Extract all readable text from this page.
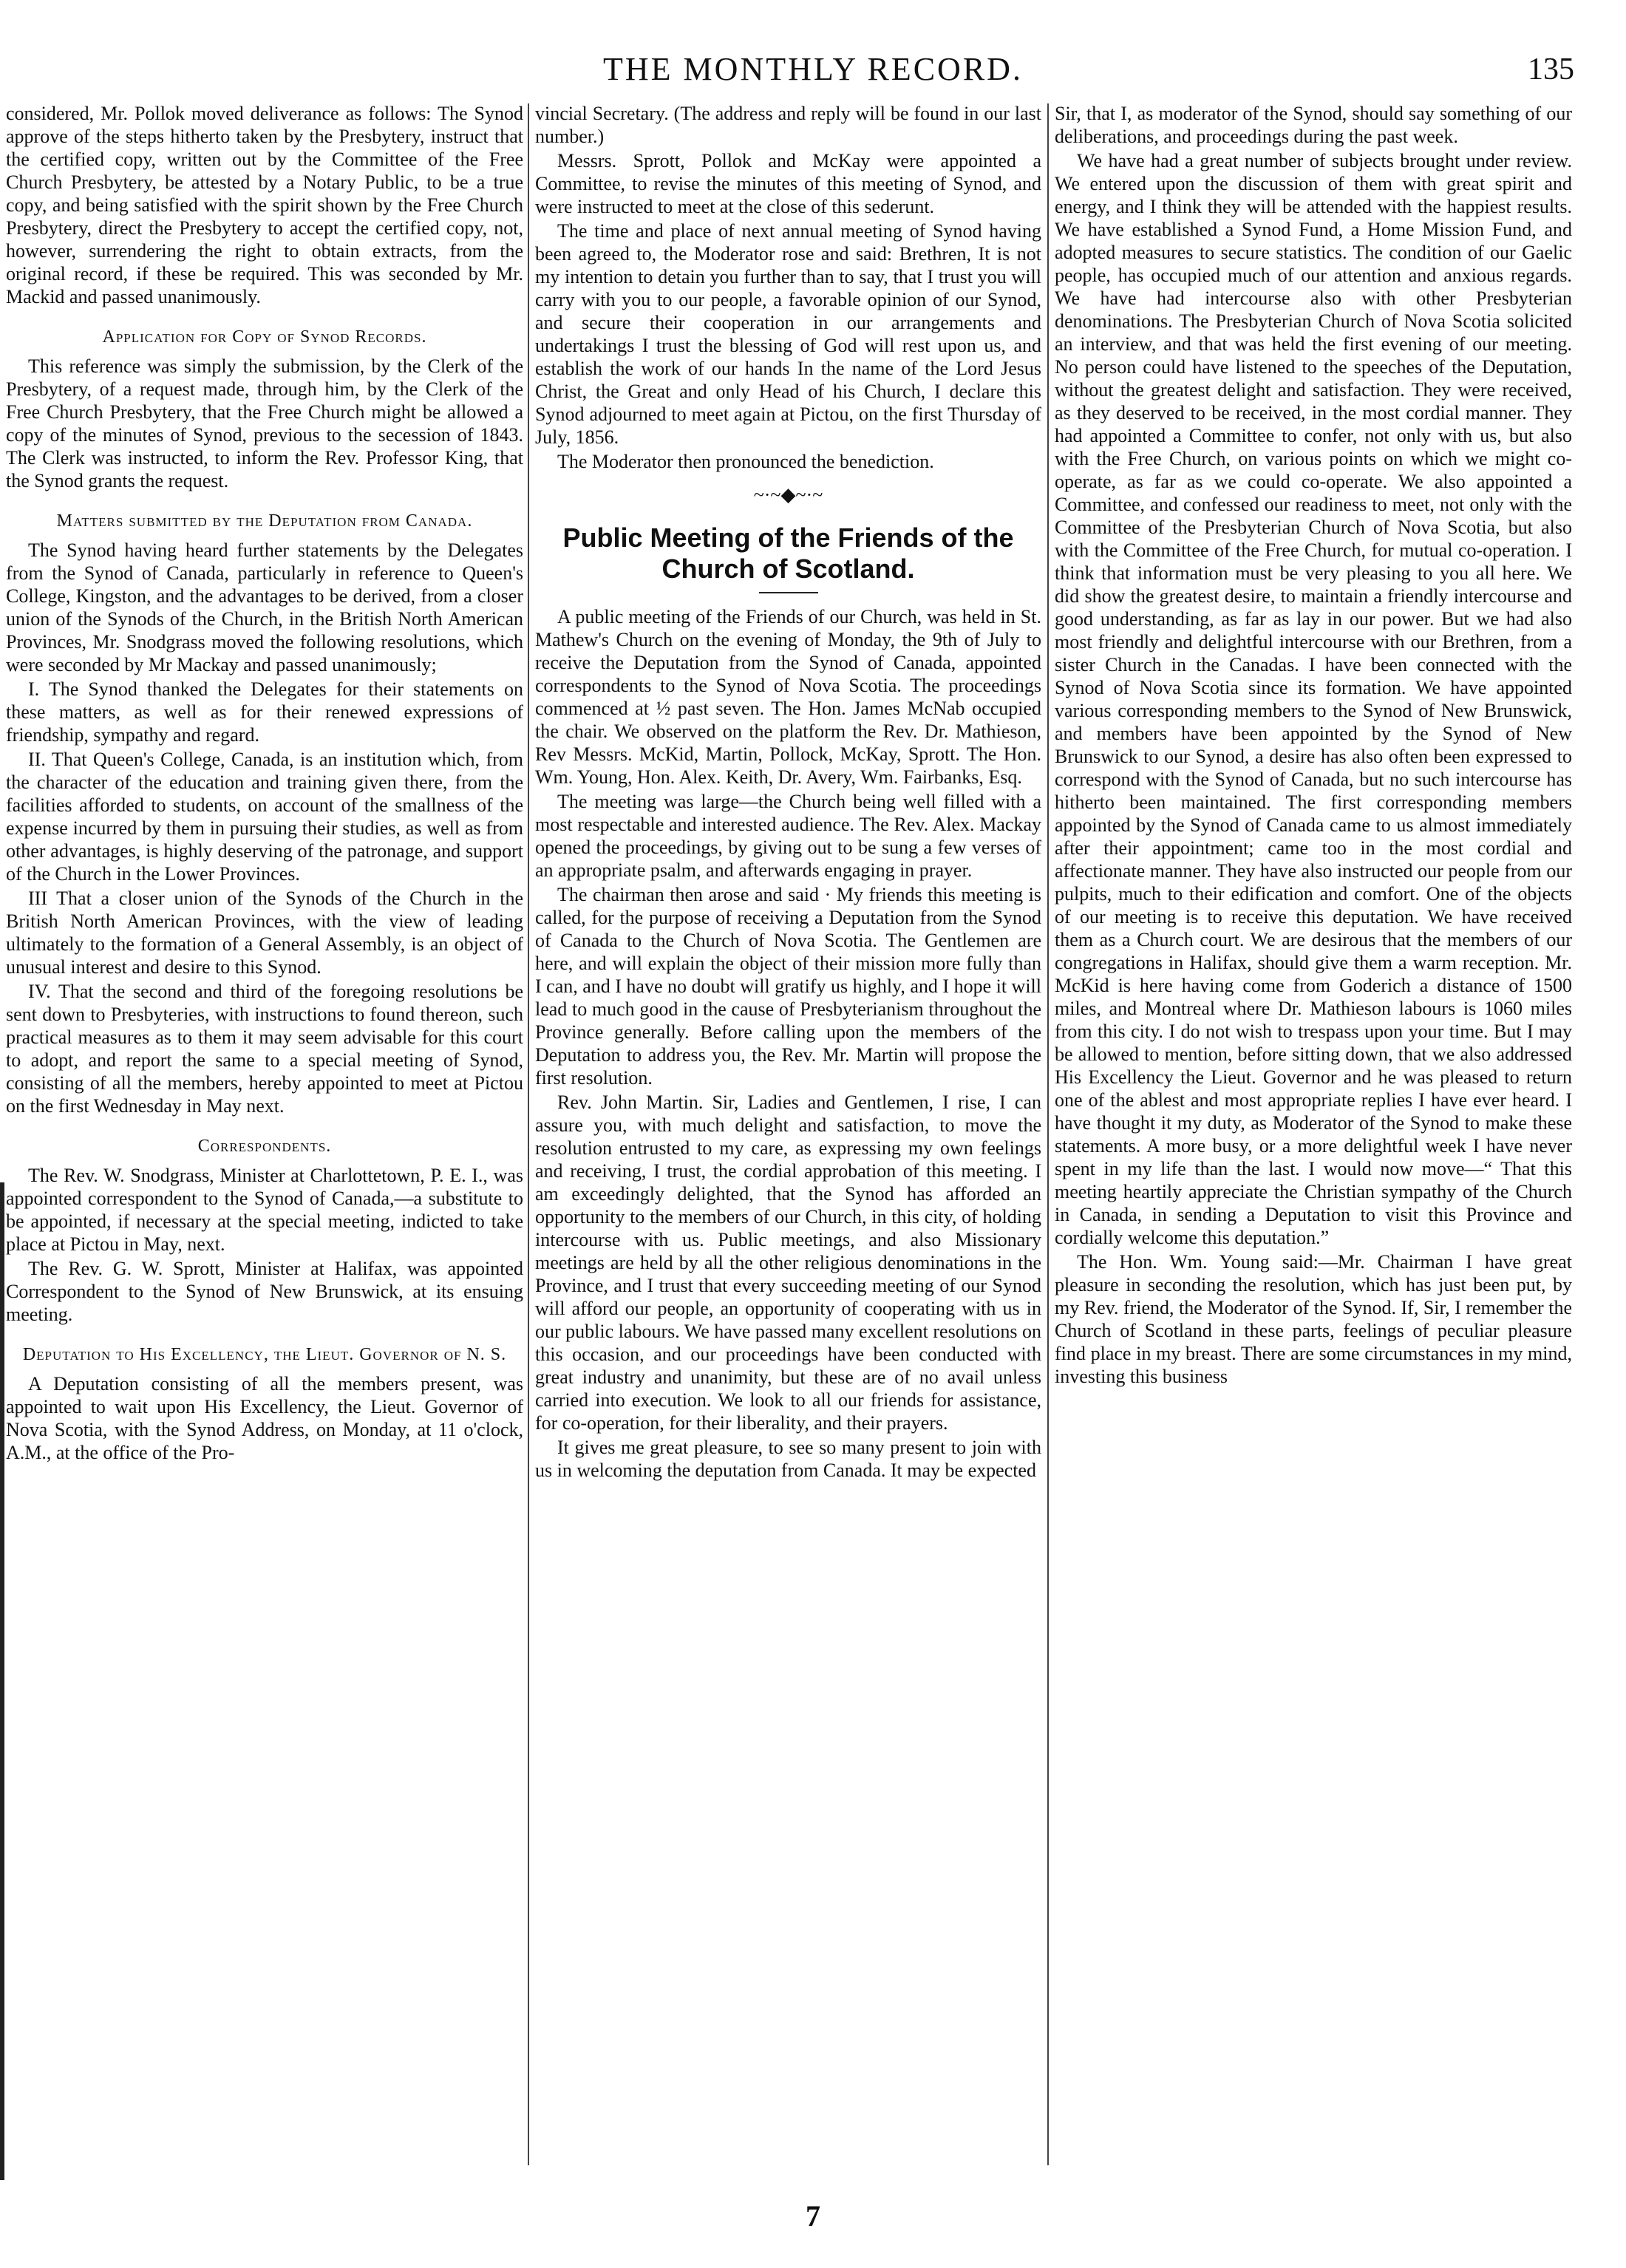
THE MONTHLY RECORD.	135

considered, Mr. Pollok moved deliverance as follows: The Synod approve of the steps hitherto taken by the Presbytery, instruct that the certified copy, written out by the Committee of the Free Church Presbytery, be attested by a Notary Public, to be a true copy, and being satisfied with the spirit shown by the Free Church Presbytery, direct the Presbytery to accept the certified copy, not, however, surrendering the right to obtain extracts, from the original record, if these be required. This was seconded by Mr. Mackid and passed unanimously.

Application for Copy of Synod Records.

This reference was simply the submission, by the Clerk of the Presbytery, of a request made, through him, by the Clerk of the Free Church Presbytery, that the Free Church might be allowed a copy of the minutes of Synod, previous to the secession of 1843. The Clerk was instructed, to inform the Rev. Professor King, that the Synod grants the request.

Matters submitted by the Deputation from Canada.

The Synod having heard further statements by the Delegates from the Synod of Canada, particularly in reference to Queen's College, Kingston, and the advantages to be derived, from a closer union of the Synods of the Church, in the British North American Provinces, Mr. Snodgrass moved the following resolutions, which were seconded by Mr Mackay and passed unanimously;

I. The Synod thanked the Delegates for their statements on these matters, as well as for their renewed expressions of friendship, sympathy and regard.

II. That Queen's College, Canada, is an institution which, from the character of the education and training given there, from the facilities afforded to students, on account of the smallness of the expense incurred by them in pursuing their studies, as well as from other advantages, is highly deserving of the patronage, and support of the Church in the Lower Provinces.

III That a closer union of the Synods of the Church in the British North American Provinces, with the view of leading ultimately to the formation of a General Assembly, is an object of unusual interest and desire to this Synod.

IV. That the second and third of the foregoing resolutions be sent down to Presbyteries, with instructions to found thereon, such practical measures as to them it may seem advisable for this court to adopt, and report the same to a special meeting of Synod, consisting of all the members, hereby appointed to meet at Pictou on the first Wednesday in May next.

Correspondents.

The Rev. W. Snodgrass, Minister at Charlottetown, P. E. I., was appointed correspondent to the Synod of Canada,—a substitute to be appointed, if necessary at the special meeting, indicted to take place at Pictou in May, next.

The Rev. G. W. Sprott, Minister at Halifax, was appointed Correspondent to the Synod of New Brunswick, at its ensuing meeting.

Deputation to His Excellency, the Lieut. Governor of N. S.

A Deputation consisting of all the members present, was appointed to wait upon His Excellency, the Lieut. Governor of Nova Scotia, with the Synod Address, on Monday, at 11 o'clock, A.M., at the office of the Pro-

vincial Secretary. (The address and reply will be found in our last number.)

Messrs. Sprott, Pollok and McKay were appointed a Committee, to revise the minutes of this meeting of Synod, and were instructed to meet at the close of this sederunt.

The time and place of next annual meeting of Synod having been agreed to, the Moderator rose and said: Brethren, It is not my intention to detain you further than to say, that I trust you will carry with you to our people, a favorable opinion of our Synod, and secure their cooperation in our arrangements and undertakings I trust the blessing of God will rest upon us, and establish the work of our hands In the name of the Lord Jesus Christ, the Great and only Head of his Church, I declare this Synod adjourned to meet again at Pictou, on the first Thursday of July, 1856.

The Moderator then pronounced the benediction.

~·~◆~·~
Public Meeting of the Friends of the Church of Scotland.

A public meeting of the Friends of our Church, was held in St. Mathew's Church on the evening of Monday, the 9th of July to receive the Deputation from the Synod of Canada, appointed correspondents to the Synod of Nova Scotia. The proceedings commenced at ½ past seven. The Hon. James McNab occupied the chair. We observed on the platform the Rev. Dr. Mathieson, Rev Messrs. McKid, Martin, Pollock, McKay, Sprott. The Hon. Wm. Young, Hon. Alex. Keith, Dr. Avery, Wm. Fairbanks, Esq.

The meeting was large—the Church being well filled with a most respectable and interested audience. The Rev. Alex. Mackay opened the proceedings, by giving out to be sung a few verses of an appropriate psalm, and afterwards engaging in prayer.

The chairman then arose and said · My friends this meeting is called, for the purpose of receiving a Deputation from the Synod of Canada to the Church of Nova Scotia. The Gentlemen are here, and will explain the object of their mission more fully than I can, and I have no doubt will gratify us highly, and I hope it will lead to much good in the cause of Presbyterianism throughout the Province generally. Before calling upon the members of the Deputation to address you, the Rev. Mr. Martin will propose the first resolution.

Rev. John Martin. Sir, Ladies and Gentlemen, I rise, I can assure you, with much delight and satisfaction, to move the resolution entrusted to my care, as expressing my own feelings and receiving, I trust, the cordial approbation of this meeting. I am exceedingly delighted, that the Synod has afforded an opportunity to the members of our Church, in this city, of holding intercourse with us. Public meetings, and also Missionary meetings are held by all the other religious denominations in the Province, and I trust that every succeeding meeting of our Synod will afford our people, an opportunity of cooperating with us in our public labours. We have passed many excellent resolutions on this occasion, and our proceedings have been conducted with great industry and unanimity, but these are of no avail unless carried into execution. We look to all our friends for assistance, for co-operation, for their liberality, and their prayers.

It gives me great pleasure, to see so many present to join with us in welcoming the deputation from Canada. It may be expected

Sir, that I, as moderator of the Synod, should say something of our deliberations, and proceedings during the past week.

We have had a great number of subjects brought under review. We entered upon the discussion of them with great spirit and energy, and I think they will be attended with the happiest results. We have established a Synod Fund, a Home Mission Fund, and adopted measures to secure statistics. The condition of our Gaelic people, has occupied much of our attention and anxious regards. We have had intercourse also with other Presbyterian denominations. The Presbyterian Church of Nova Scotia solicited an interview, and that was held the first evening of our meeting. No person could have listened to the speeches of the Deputation, without the greatest delight and satisfaction. They were received, as they deserved to be received, in the most cordial manner. They had appointed a Committee to confer, not only with us, but also with the Free Church, on various points on which we might co-operate, as far as we could co-operate. We also appointed a Committee, and confessed our readiness to meet, not only with the Committee of the Presbyterian Church of Nova Scotia, but also with the Committee of the Free Church, for mutual co-operation. I think that information must be very pleasing to you all here. We did show the greatest desire, to maintain a friendly intercourse and good understanding, as far as lay in our power. But we had also most friendly and delightful intercourse with our Brethren, from a sister Church in the Canadas. I have been connected with the Synod of Nova Scotia since its formation. We have appointed various corresponding members to the Synod of New Brunswick, and members have been appointed by the Synod of New Brunswick to our Synod, a desire has also often been expressed to correspond with the Synod of Canada, but no such intercourse has hitherto been maintained. The first corresponding members appointed by the Synod of Canada came to us almost immediately after their appointment; came too in the most cordial and affectionate manner. They have also instructed our people from our pulpits, much to their edification and comfort. One of the objects of our meeting is to receive this deputation. We have received them as a Church court. We are desirous that the members of our congregations in Halifax, should give them a warm reception. Mr. McKid is here having come from Goderich a distance of 1500 miles, and Montreal where Dr. Mathieson labours is 1060 miles from this city. I do not wish to trespass upon your time. But I may be allowed to mention, before sitting down, that we also addressed His Excellency the Lieut. Governor and he was pleased to return one of the ablest and most appropriate replies I have ever heard. I have thought it my duty, as Moderator of the Synod to make these statements. A more busy, or a more delightful week I have never spent in my life than the last. I would now move—“ That this meeting heartily appreciate the Christian sympathy of the Church in Canada, in sending a Deputation to visit this Province and cordially welcome this deputation.”

The Hon. Wm. Young said:—Mr. Chairman I have great pleasure in seconding the resolution, which has just been put, by my Rev. friend, the Moderator of the Synod. If, Sir, I remember the Church of Scotland in these parts, feelings of peculiar pleasure find place in my breast. There are some circumstances in my mind, investing this business

7
